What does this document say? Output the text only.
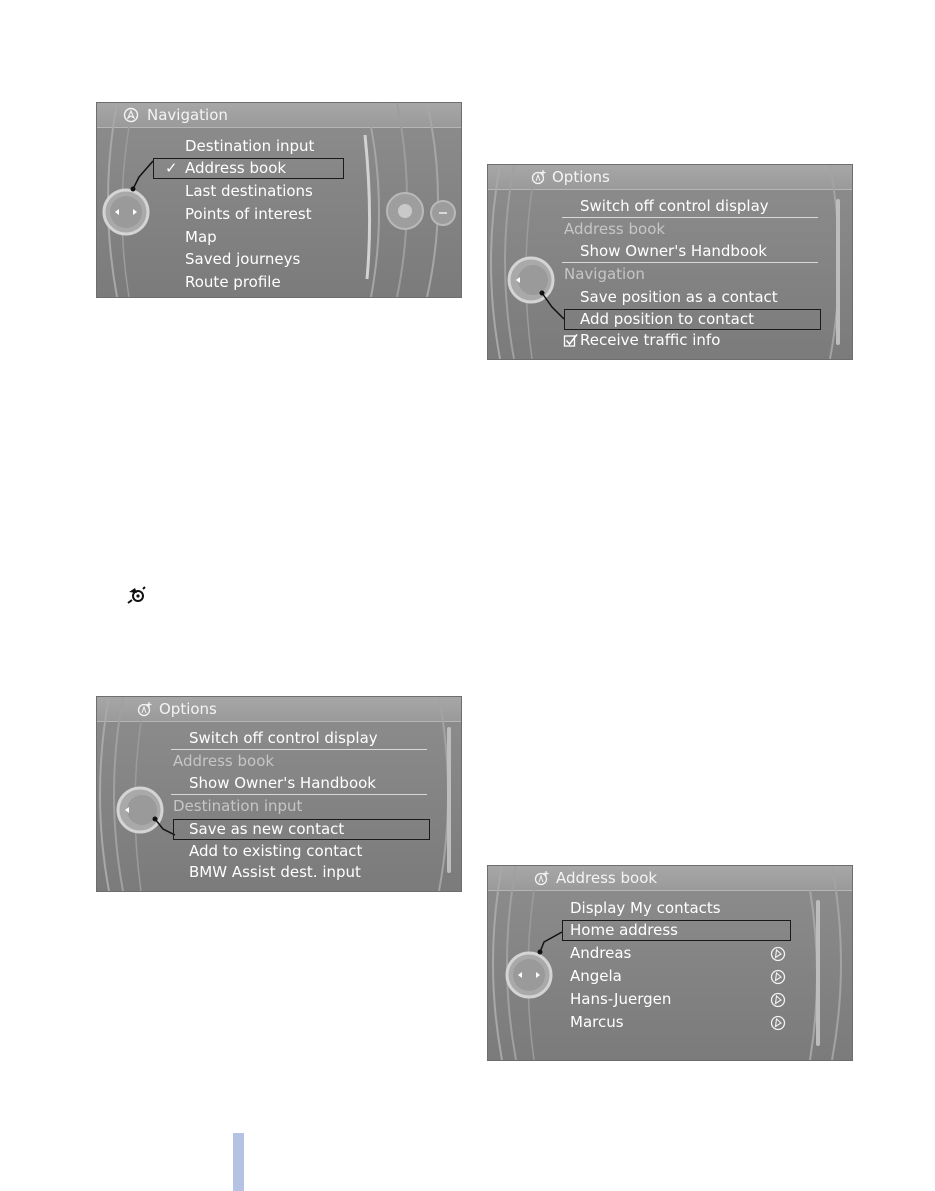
Navigation
Destination input
✓ Address book
Last destinations
Points of interest
Map
Saved journeys
Route profile
Options
Switch off control display
Address book
Show Owner's Handbook
Navigation
Save position as a contact
Add position to contact
Receive traffic info
Options
Switch off control display
Address book
Show Owner's Handbook
Destination input
Save as new contact
Add to existing contact
BMW Assist dest. input	Address book
Display My contacts
Home address
Andreas
Angela
Hans-Juergen
Marcus
